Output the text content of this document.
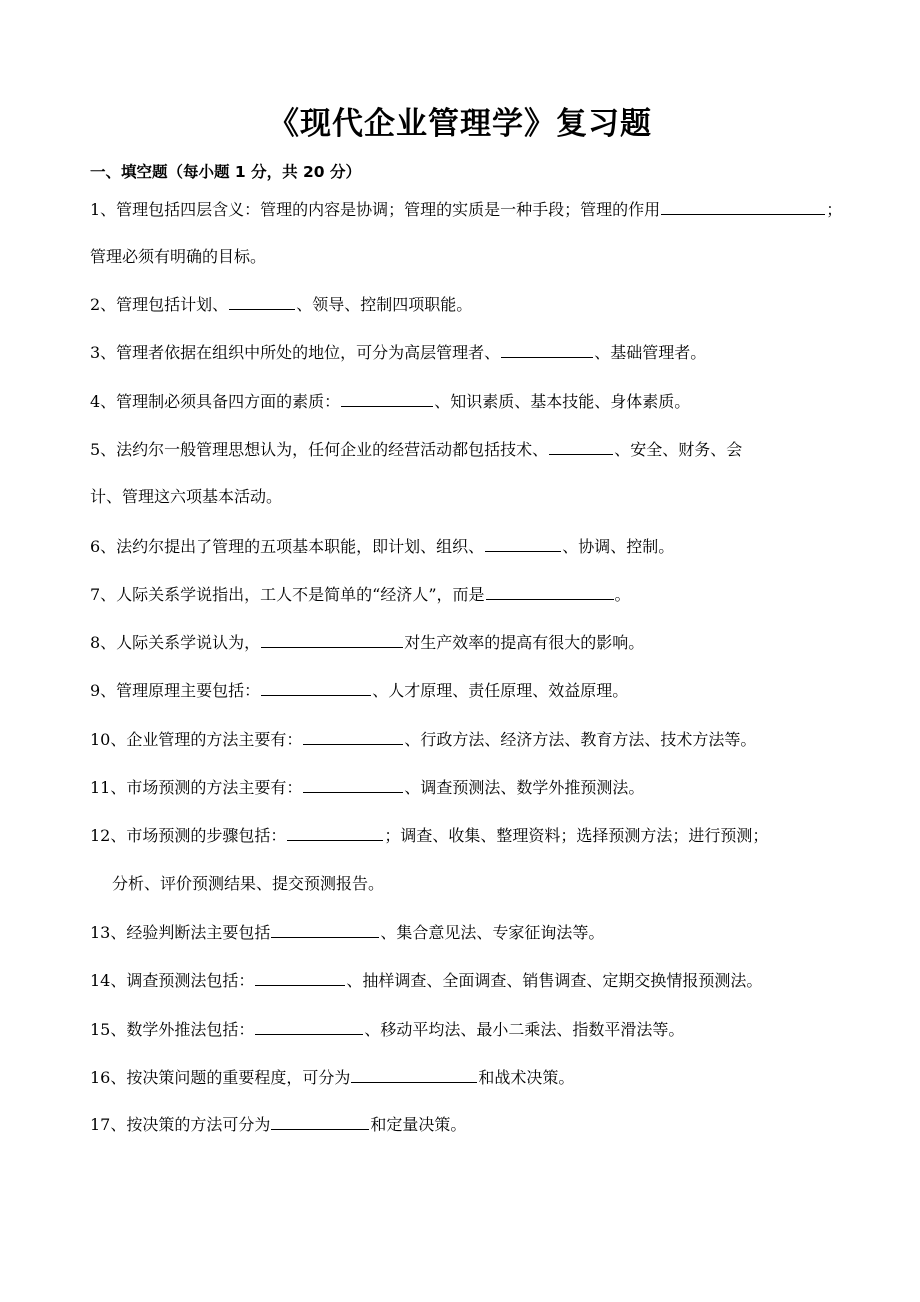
《现代企业管理学》复习题
一、填空题（每小题 1 分，共 20 分）
1、管理包括四层含义：管理的内容是协调；管理的实质是一种手段；管理的作用	；
管理必须有明确的目标。
2、管理包括计划、	、领导、控制四项职能。
3、管理者依据在组织中所处的地位，可分为高层管理者、	、基础管理者。
4、管理制必须具备四方面的素质：	、知识素质、基本技能、身体素质。
5、法约尔一般管理思想认为，任何企业的经营活动都包括技术、	、安全、财务、会
计、管理这六项基本活动。
6、法约尔提出了管理的五项基本职能，即计划、组织、	、协调、控制。
7、人际关系学说指出，工人不是简单的“经济人”，而是	。
8、人际关系学说认为，	对生产效率的提高有很大的影响。
9、管理原理主要包括：	、人才原理、责任原理、效益原理。
10、企业管理的方法主要有：	、行政方法、经济方法、教育方法、技术方法等。
11、市场预测的方法主要有：	、调查预测法、数学外推预测法。
12、市场预测的步骤包括：	；调查、收集、整理资料；选择预测方法；进行预测；
分析、评价预测结果、提交预测报告。
13、经验判断法主要包括	、集合意见法、专家征询法等。
14、调查预测法包括：	、抽样调查、全面调查、销售调查、定期交换情报预测法。
15、数学外推法包括：	、移动平均法、最小二乘法、指数平滑法等。
16、按决策问题的重要程度，可分为	和战术决策。
17、按决策的方法可分为	和定量决策。
